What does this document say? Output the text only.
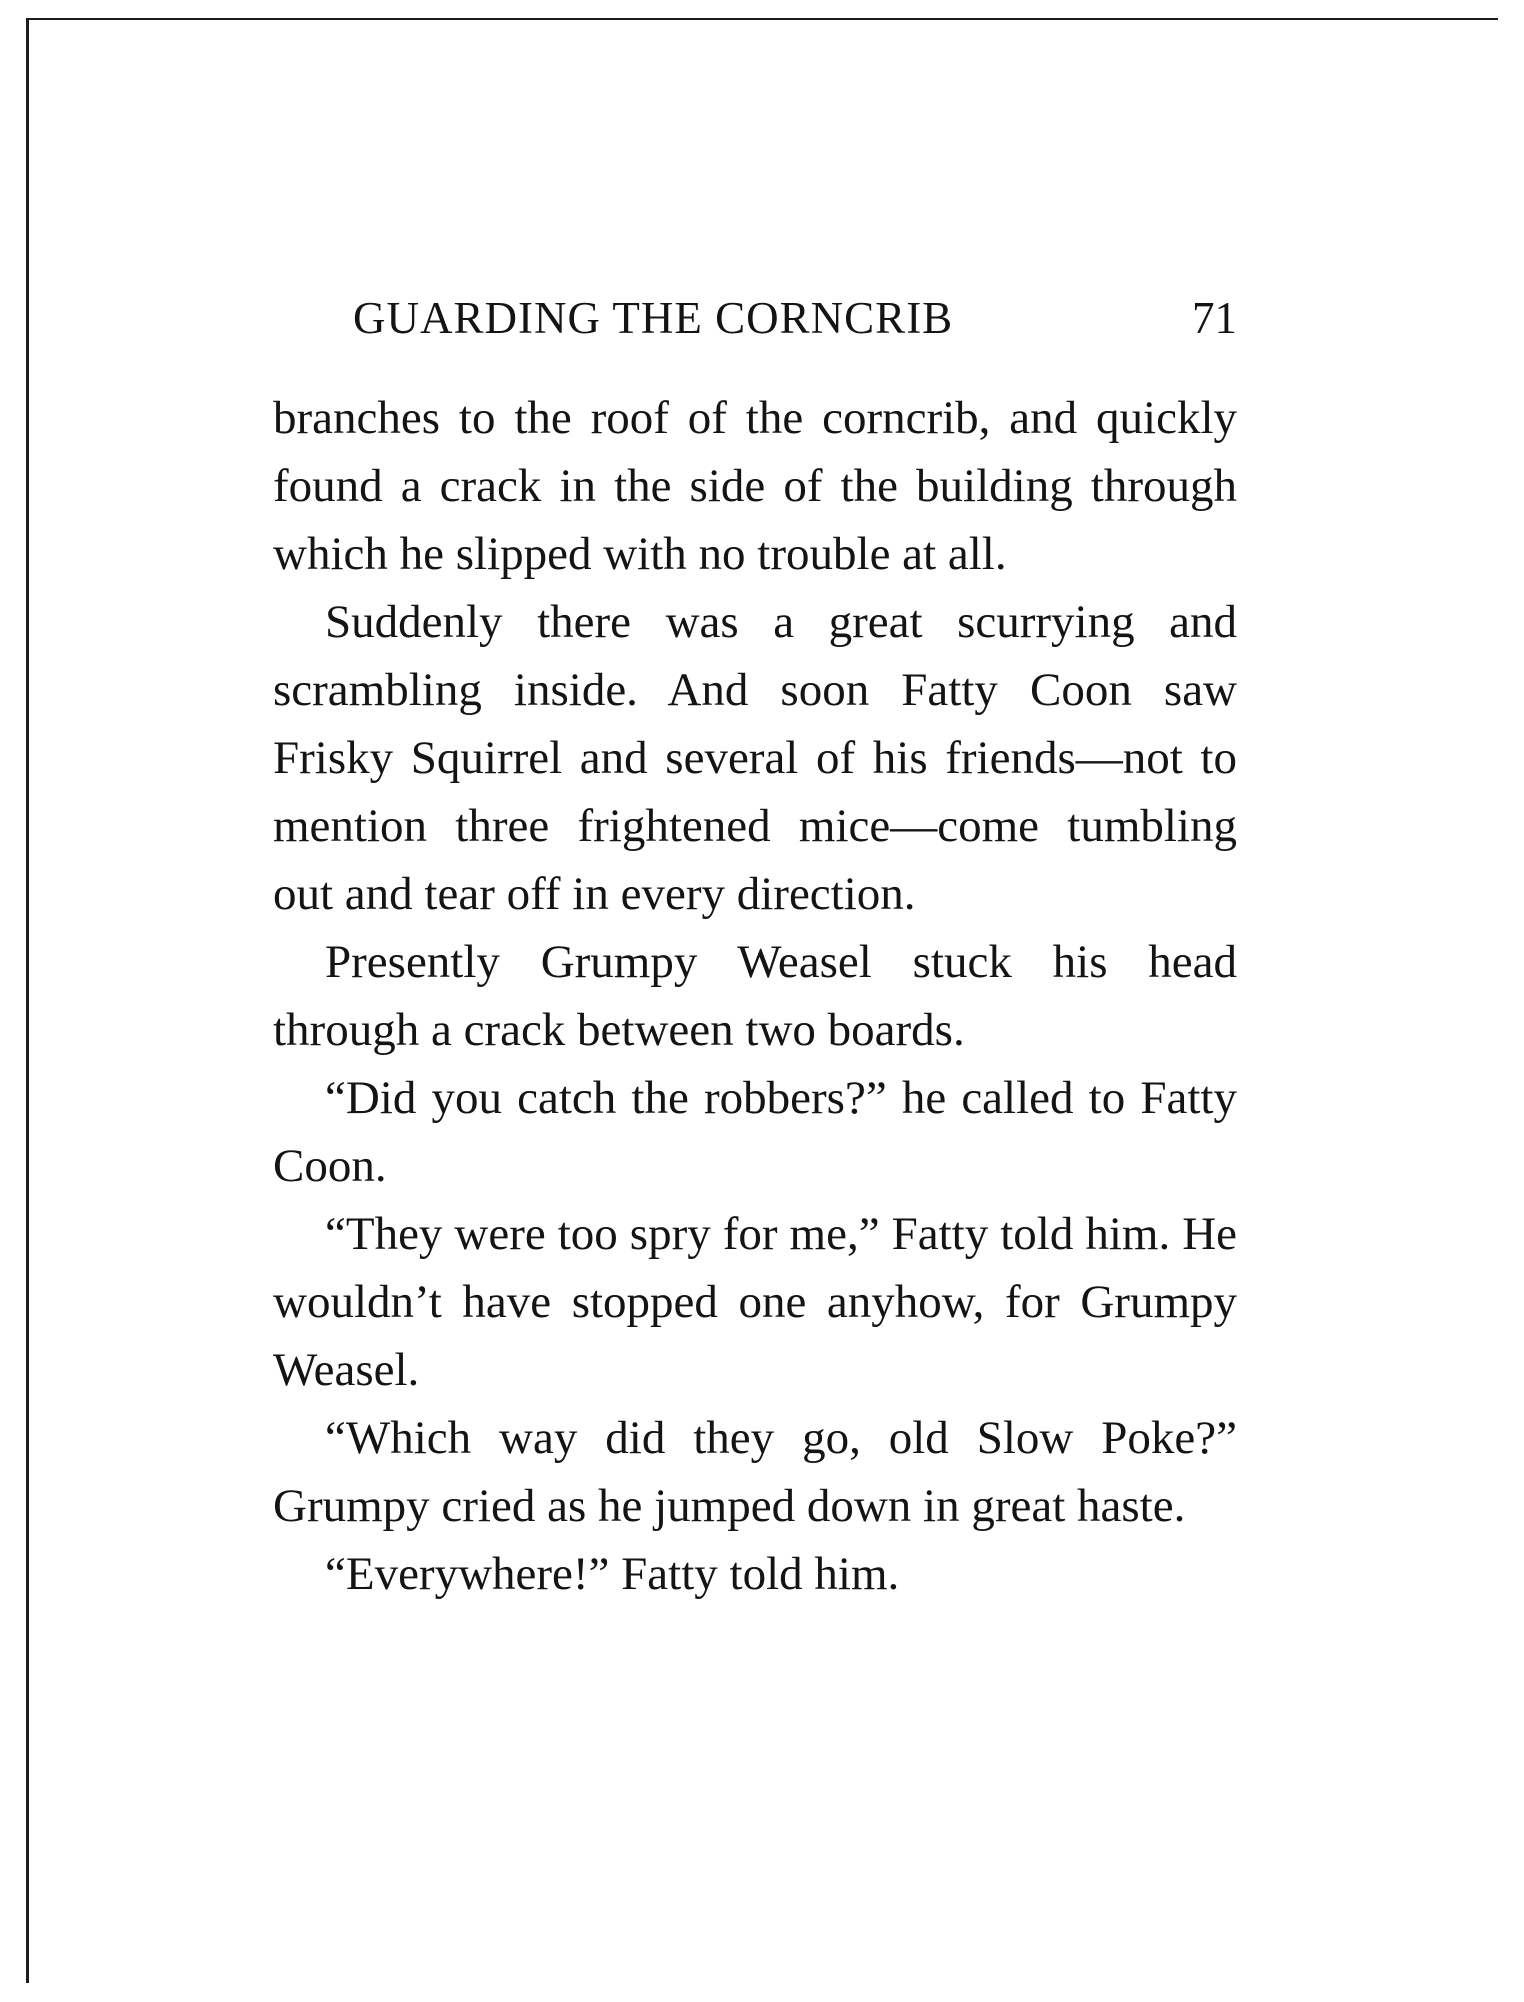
GUARDING THE CORNCRIB	71

branches to the roof of the corncrib, and quickly found a crack in the side of the building through which he slipped with no trouble at all.

Suddenly there was a great scurrying and scrambling inside. And soon Fatty Coon saw Frisky Squirrel and several of his friends—not to mention three frightened mice—come tumbling out and tear off in every direction.

Presently Grumpy Weasel stuck his head through a crack between two boards.

“Did you catch the robbers?” he called to Fatty Coon.

“They were too spry for me,” Fatty told him. He wouldn’t have stopped one anyhow, for Grumpy Weasel.

“Which way did they go, old Slow Poke?” Grumpy cried as he jumped down in great haste.

“Everywhere!” Fatty told him.
